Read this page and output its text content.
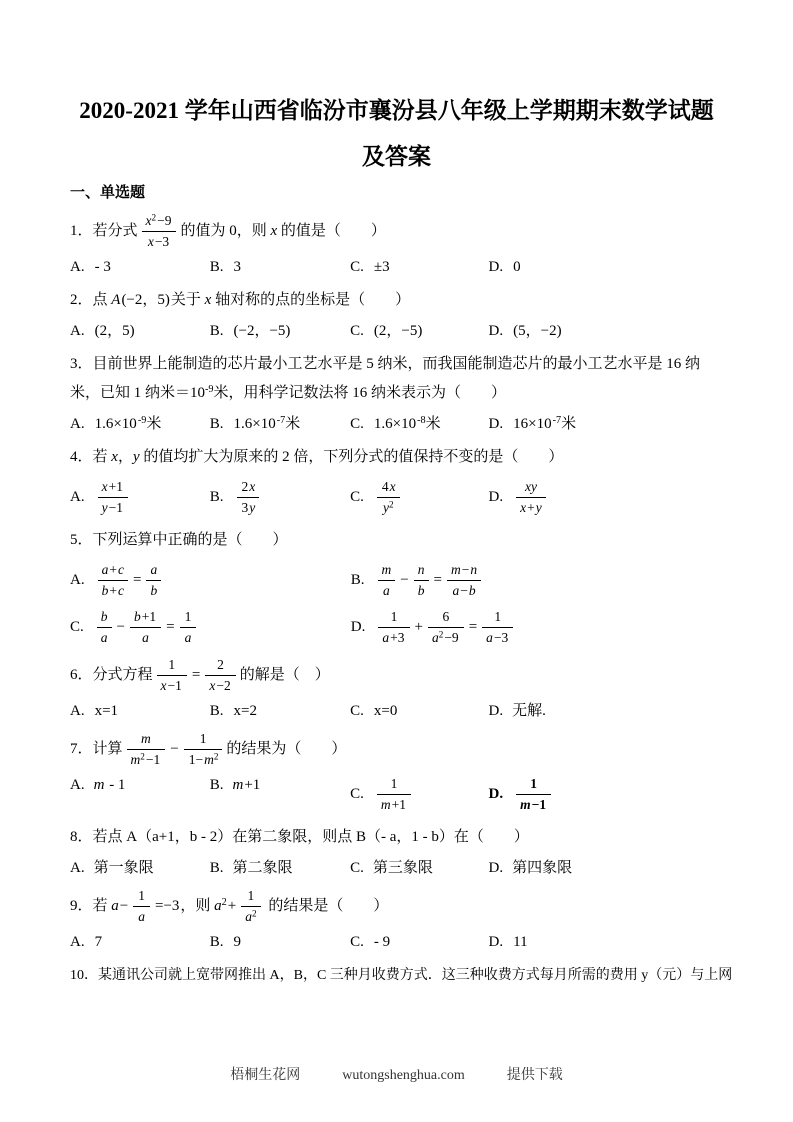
2020-2021 学年山西省临汾市襄汾县八年级上学期期末数学试题及答案
一、单选题
1．若分式 $\frac{x^2-9}{x-3}$ 的值为 0，则 x 的值是（　　）
A. - 3	B. 3	C. ±3	D. 0
2．点 A(−2，5)关于 x 轴对称的点的坐标是（　　）
A. (2，5)	B. (−2，−5)	C. (2，−5)	D. (5，−2)
3．目前世界上能制造的芯片最小工艺水平是 5 纳米，而我国能制造芯片的最小工艺水平是 16 纳米，已知 1 纳米$=10^{-9}$米，用科学记数法将 16 纳米表示为（　　）
A. $1.6\times 10^{-9}$米	B. $1.6\times 10^{-7}$米	C. $1.6\times 10^{-8}$米	D. $16\times 10^{-7}$米
4．若 x，y 的值均扩大为原来的 2 倍，下列分式的值保持不变的是（　　）
A. $\frac{x+1}{y-1}$	B. $\frac{2x}{3y}$	C. $\frac{4x}{y^2}$	D. $\frac{xy}{x+y}$
5．下列运算中正确的是（　　）
A. $\frac{a+c}{b+c} = \frac{a}{b}$	B. $\frac{m}{a} - \frac{n}{b} = \frac{m-n}{a-b}$
C. $\frac{b}{a} - \frac{b+1}{a} = \frac{1}{a}$	D. $\frac{1}{a+3} + \frac{6}{a^2-9} = \frac{1}{a-3}$
6．分式方程 $\frac{1}{x-1} = \frac{2}{x-2}$ 的解是（　）
A. x=1	B. x=2	C. x=0	D. 无解.
7．计算 $\frac{m}{m^2-1} - \frac{1}{1-m^2}$ 的结果为（　　）
A. m - 1	B. m+1
C. $\frac{1}{m+1}$	D. $\frac{1}{m-1}$
8．若点 A（a+1，b - 2）在第二象限，则点 B（- a，1 - b）在（　　）
A. 第一象限	B. 第二象限	C. 第三象限	D. 第四象限
9．若 $a- \frac{1}{a} =-3$，则 $a^2+ \frac{1}{a^2}$ 的结果是（　　）
A. 7	B. 9	C. - 9	D. 11
10．某通讯公司就上宽带网推出 A，B，C 三种月收费方式．这三种收费方式每月所需的费用 y（元）与上网
梧桐生花网	wutongshenghua.com	提供下载
